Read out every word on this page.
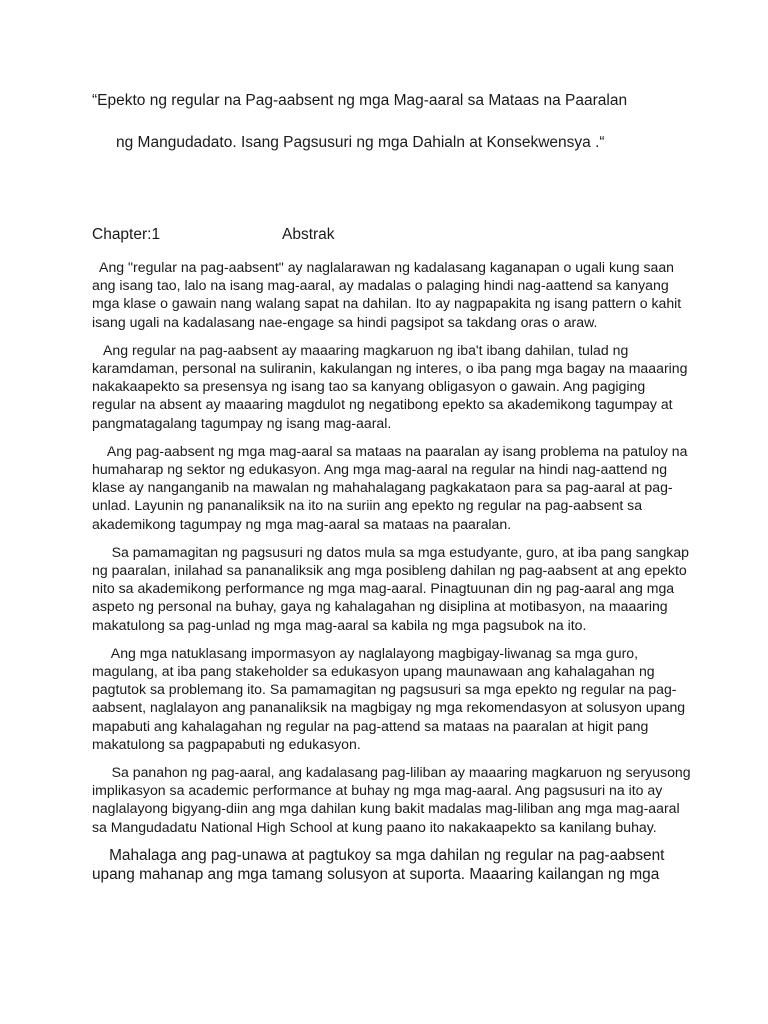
“Epekto ng regular na Pag-aabsent ng mga Mag-aaral sa Mataas na Paaralan
ng Mangudadato. Isang Pagsusuri ng mga Dahialn at Konsekwensya .“
Chapter:1	Abstrak

Ang "regular na pag-aabsent" ay naglalarawan ng kadalasang kaganapan o ugali kung saan
ang isang tao, lalo na isang mag-aaral, ay madalas o palaging hindi nag-aattend sa kanyang
mga klase o gawain nang walang sapat na dahilan. Ito ay nagpapakita ng isang pattern o kahit
isang ugali na kadalasang nae-engage sa hindi pagsipot sa takdang oras o araw.

Ang regular na pag-aabsent ay maaaring magkaruon ng iba't ibang dahilan, tulad ng
karamdaman, personal na suliranin, kakulangan ng interes, o iba pang mga bagay na maaaring
nakakaapekto sa presensya ng isang tao sa kanyang obligasyon o gawain. Ang pagiging
regular na absent ay maaaring magdulot ng negatibong epekto sa akademikong tagumpay at
pangmatagalang tagumpay ng isang mag-aaral.

Ang pag-aabsent ng mga mag-aaral sa mataas na paaralan ay isang problema na patuloy na
humaharap ng sektor ng edukasyon. Ang mga mag-aaral na regular na hindi nag-aattend ng
klase ay nanganganib na mawalan ng mahahalagang pagkakataon para sa pag-aaral at pag-
unlad. Layunin ng pananaliksik na ito na suriin ang epekto ng regular na pag-aabsent sa
akademikong tagumpay ng mga mag-aaral sa mataas na paaralan.

Sa pamamagitan ng pagsusuri ng datos mula sa mga estudyante, guro, at iba pang sangkap
ng paaralan, inilahad sa pananaliksik ang mga posibleng dahilan ng pag-aabsent at ang epekto
nito sa akademikong performance ng mga mag-aaral. Pinagtuunan din ng pag-aaral ang mga
aspeto ng personal na buhay, gaya ng kahalagahan ng disiplina at motibasyon, na maaaring
makatulong sa pag-unlad ng mga mag-aaral sa kabila ng mga pagsubok na ito.

Ang mga natuklasang impormasyon ay naglalayong magbigay-liwanag sa mga guro,
magulang, at iba pang stakeholder sa edukasyon upang maunawaan ang kahalagahan ng
pagtutok sa problemang ito. Sa pamamagitan ng pagsusuri sa mga epekto ng regular na pag-
aabsent, naglalayon ang pananaliksik na magbigay ng mga rekomendasyon at solusyon upang
mapabuti ang kahalagahan ng regular na pag-attend sa mataas na paaralan at higit pang
makatulong sa pagpapabuti ng edukasyon.

Sa panahon ng pag-aaral, ang kadalasang pag-liliban ay maaaring magkaruon ng seryusong
implikasyon sa academic performance at buhay ng mga mag-aaral. Ang pagsusuri na ito ay
naglalayong bigyang-diin ang mga dahilan kung bakit madalas mag-liliban ang mga mag-aaral
sa Mangudadatu National High School at kung paano ito nakakaapekto sa kanilang buhay.

Mahalaga ang pag-unawa at pagtukoy sa mga dahilan ng regular na pag-aabsent
upang mahanap ang mga tamang solusyon at suporta. Maaaring kailangan ng mga
